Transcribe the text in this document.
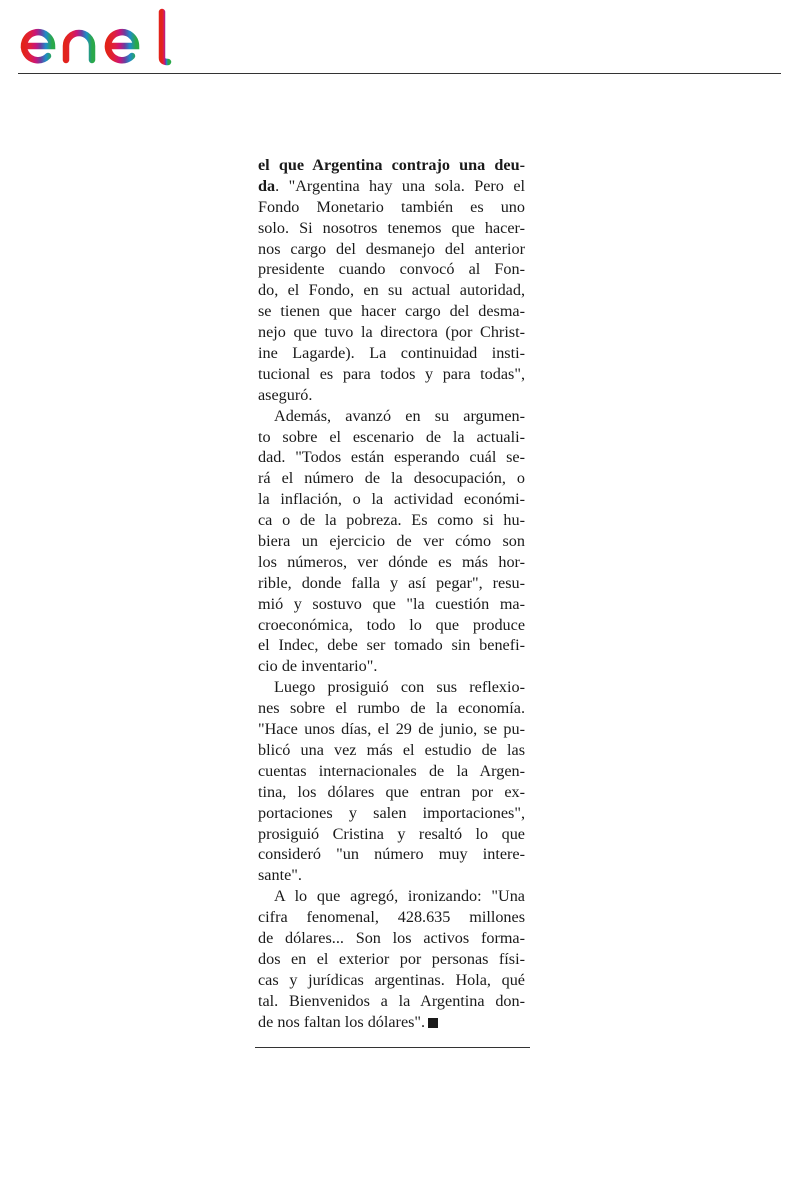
el que Argentina contrajo una deu-
da. "Argentina hay una sola. Pero el
Fondo Monetario también es uno
solo. Si nosotros tenemos que hacer-
nos cargo del desmanejo del anterior
presidente cuando convocó al Fon-
do, el Fondo, en su actual autoridad,
se tienen que hacer cargo del desma-
nejo que tuvo la directora (por Christ-
ine Lagarde). La continuidad insti-
tucional es para todos y para todas",
aseguró.
Además, avanzó en su argumen-
to sobre el escenario de la actuali-
dad. "Todos están esperando cuál se-
rá el número de la desocupación, o
la inflación, o la actividad económi-
ca o de la pobreza. Es como si hu-
biera un ejercicio de ver cómo son
los números, ver dónde es más hor-
rible, donde falla y así pegar", resu-
mió y sostuvo que "la cuestión ma-
croeconómica, todo lo que produce
el Indec, debe ser tomado sin benefi-
cio de inventario".
Luego prosiguió con sus reflexio-
nes sobre el rumbo de la economía.
"Hace unos días, el 29 de junio, se pu-
blicó una vez más el estudio de las
cuentas internacionales de la Argen-
tina, los dólares que entran por ex-
portaciones y salen importaciones",
prosiguió Cristina y resaltó lo que
consideró "un número muy intere-
sante".
A lo que agregó, ironizando: "Una
cifra fenomenal, 428.635 millones
de dólares... Son los activos forma-
dos en el exterior por personas físi-
cas y jurídicas argentinas. Hola, qué
tal. Bienvenidos a la Argentina don-
de nos faltan los dólares".
